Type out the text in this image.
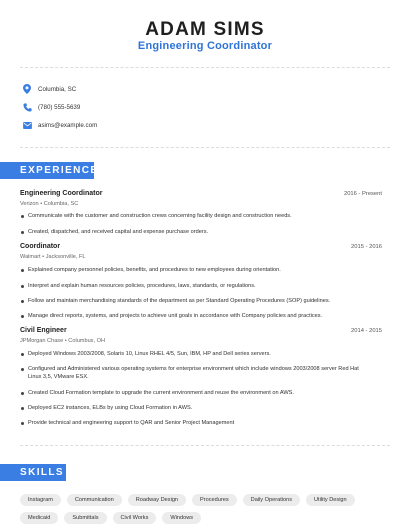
ADAM SIMS
Engineering Coordinator
Columbia, SC
(780) 555-5639
asims@example.com
EXPERIENCE
Engineering Coordinator	2016 - Present
Verizon • Columbia, SC
Communicate with the customer and construction crews concerning facility design and construction needs.
Created, dispatched, and received capital and expense purchase orders.
Coordinator	2015 - 2016
Walmart • Jacksonville, FL
Explained company personnel policies, benefits, and procedures to new employees during orientation.
Interpret and explain human resources policies, procedures, laws, standards, or regulations.
Follow and maintain merchandising standards of the department as per Standard Operating Procedures (SOP) guidelines.
Manage direct reports, systems, and projects to achieve unit goals in accordance with Company policies and practices.
Civil Engineer	2014 - 2015
JPMorgan Chase • Columbus, OH
Deployed Windows 2003/2008, Solaris 10, Linux RHEL 4/5, Sun, IBM, HP and Dell series servers.
Configured and Administered various operating systems for enterprise environment which include windows 2003/2008 server Red Hat Linux 3,5, VMware ESX.
Created Cloud Formation template to upgrade the current environment and reuse the environment on AWS.
Deployed EC2 instances, ELBs by using Cloud Formation in AWS.
Provide technical and engineering support to QAR and Senior Project Management
SKILLS
Instagram	Communication	Roadway Design	Procedures	Daily Operations	Utility Design
Medicaid	Submittals	Civil Works	Windows
